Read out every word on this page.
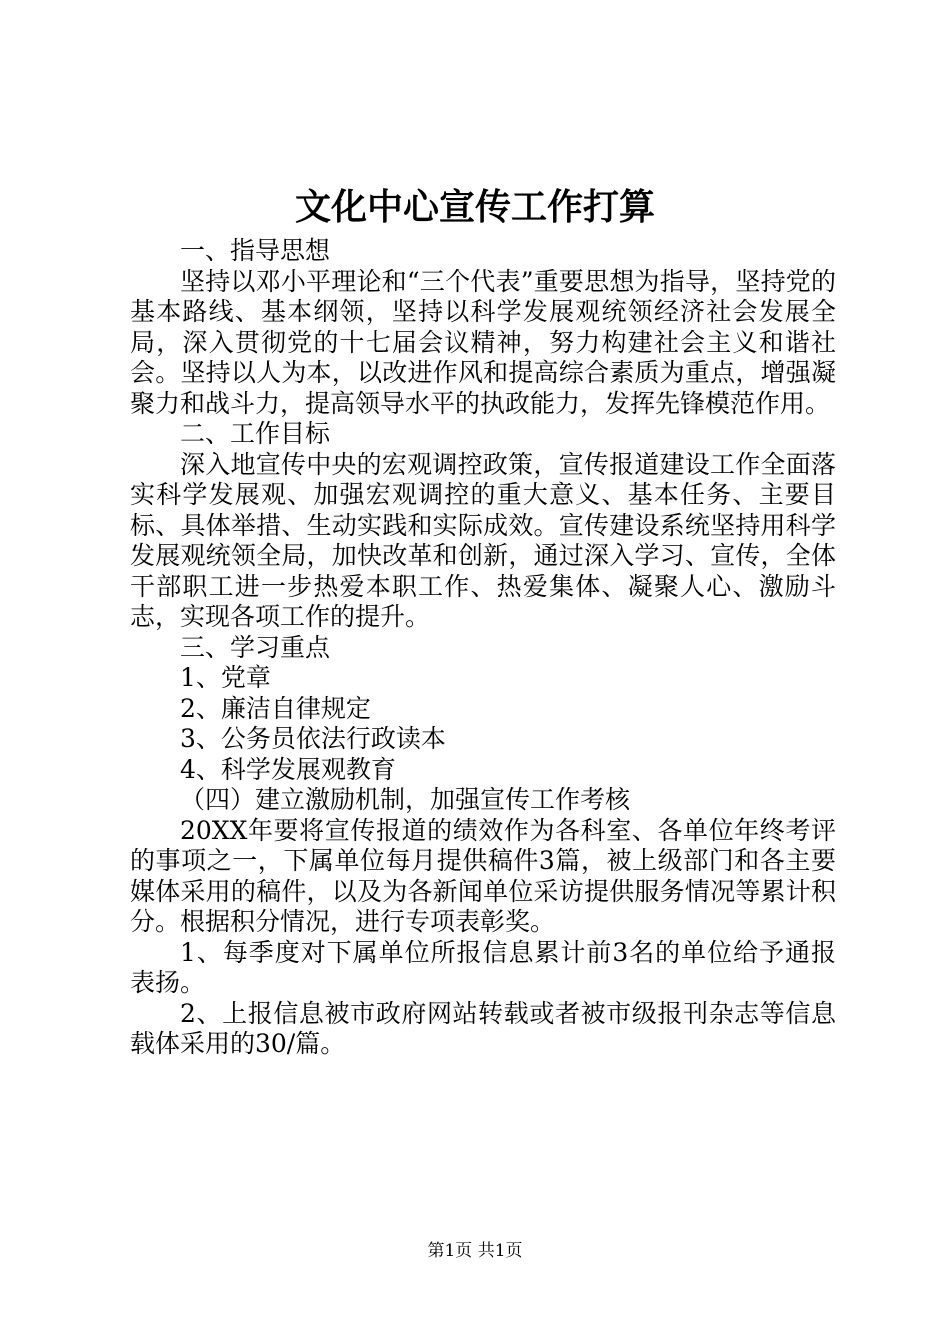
文化中心宣传工作打算

一、指导思想

坚持以邓小平理论和“三个代表”重要思想为指导，坚持党的基本路线、基本纲领，坚持以科学发展观统领经济社会发展全局，深入贯彻党的十七届会议精神，努力构建社会主义和谐社会。坚持以人为本，以改进作风和提高综合素质为重点，增强凝聚力和战斗力，提高领导水平的执政能力，发挥先锋模范作用。

二、工作目标

深入地宣传中央的宏观调控政策，宣传报道建设工作全面落实科学发展观、加强宏观调控的重大意义、基本任务、主要目标、具体举措、生动实践和实际成效。宣传建设系统坚持用科学发展观统领全局，加快改革和创新，通过深入学习、宣传，全体干部职工进一步热爱本职工作、热爱集体、凝聚人心、激励斗志，实现各项工作的提升。

三、学习重点

1、党章

2、廉洁自律规定

3、公务员依法行政读本

4、科学发展观教育

（四）建立激励机制，加强宣传工作考核

20XX年要将宣传报道的绩效作为各科室、各单位年终考评的事项之一，下属单位每月提供稿件3篇，被上级部门和各主要媒体采用的稿件，以及为各新闻单位采访提供服务情况等累计积分。根据积分情况，进行专项表彰奖。

1、每季度对下属单位所报信息累计前3名的单位给予通报表扬。

2、上报信息被市政府网站转载或者被市级报刊杂志等信息载体采用的30/篇。

第1页 共1页
